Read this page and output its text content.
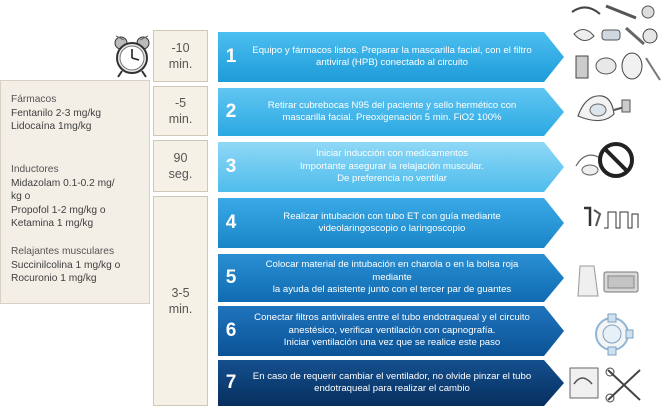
Fármacos
Fentanilo 2-3 mg/kg
Lidocaína 1mg/kg
Inductores
Midazolam 0.1-0.2 mg/
kg o
Propofol 1-2 mg/kg o
Ketamina 1 mg/kg
Relajantes musculares
Succinilcolina 1 mg/kg o
Rocuronio 1 mg/kg
-10
min.
-5
min.
90
seg.
3-5
min.
1 Equipo y fármacos listos. Preparar la mascarilla facial, con el filtro
antiviral (HPB) conectado al circuito
2	Retirar cubrebocas N95 del paciente y sello hermético con
mascarilla facial. Preoxigenación 5 min. FiO2 100%
3
Iniciar inducción con medicamentos
Importante asegurar la relajación muscular.
De preferencia no ventilar
4	Realizar intubación con tubo ET con guía mediante
videolaringoscopio o laringoscopio
5
Colocar material de intubación en charola o en la bolsa roja mediante
la ayuda del asistente junto con el tercer par de guantes
6
Conectar filtros antivirales entre el tubo endotraqueal y el circuito
anestésico, verificar ventilación con capnografía.
Iniciar ventilación una vez que se realice este paso
7 En caso de requerir cambiar el ventilador, no olvide pinzar el tubo
endotraqueal para realizar el cambio
